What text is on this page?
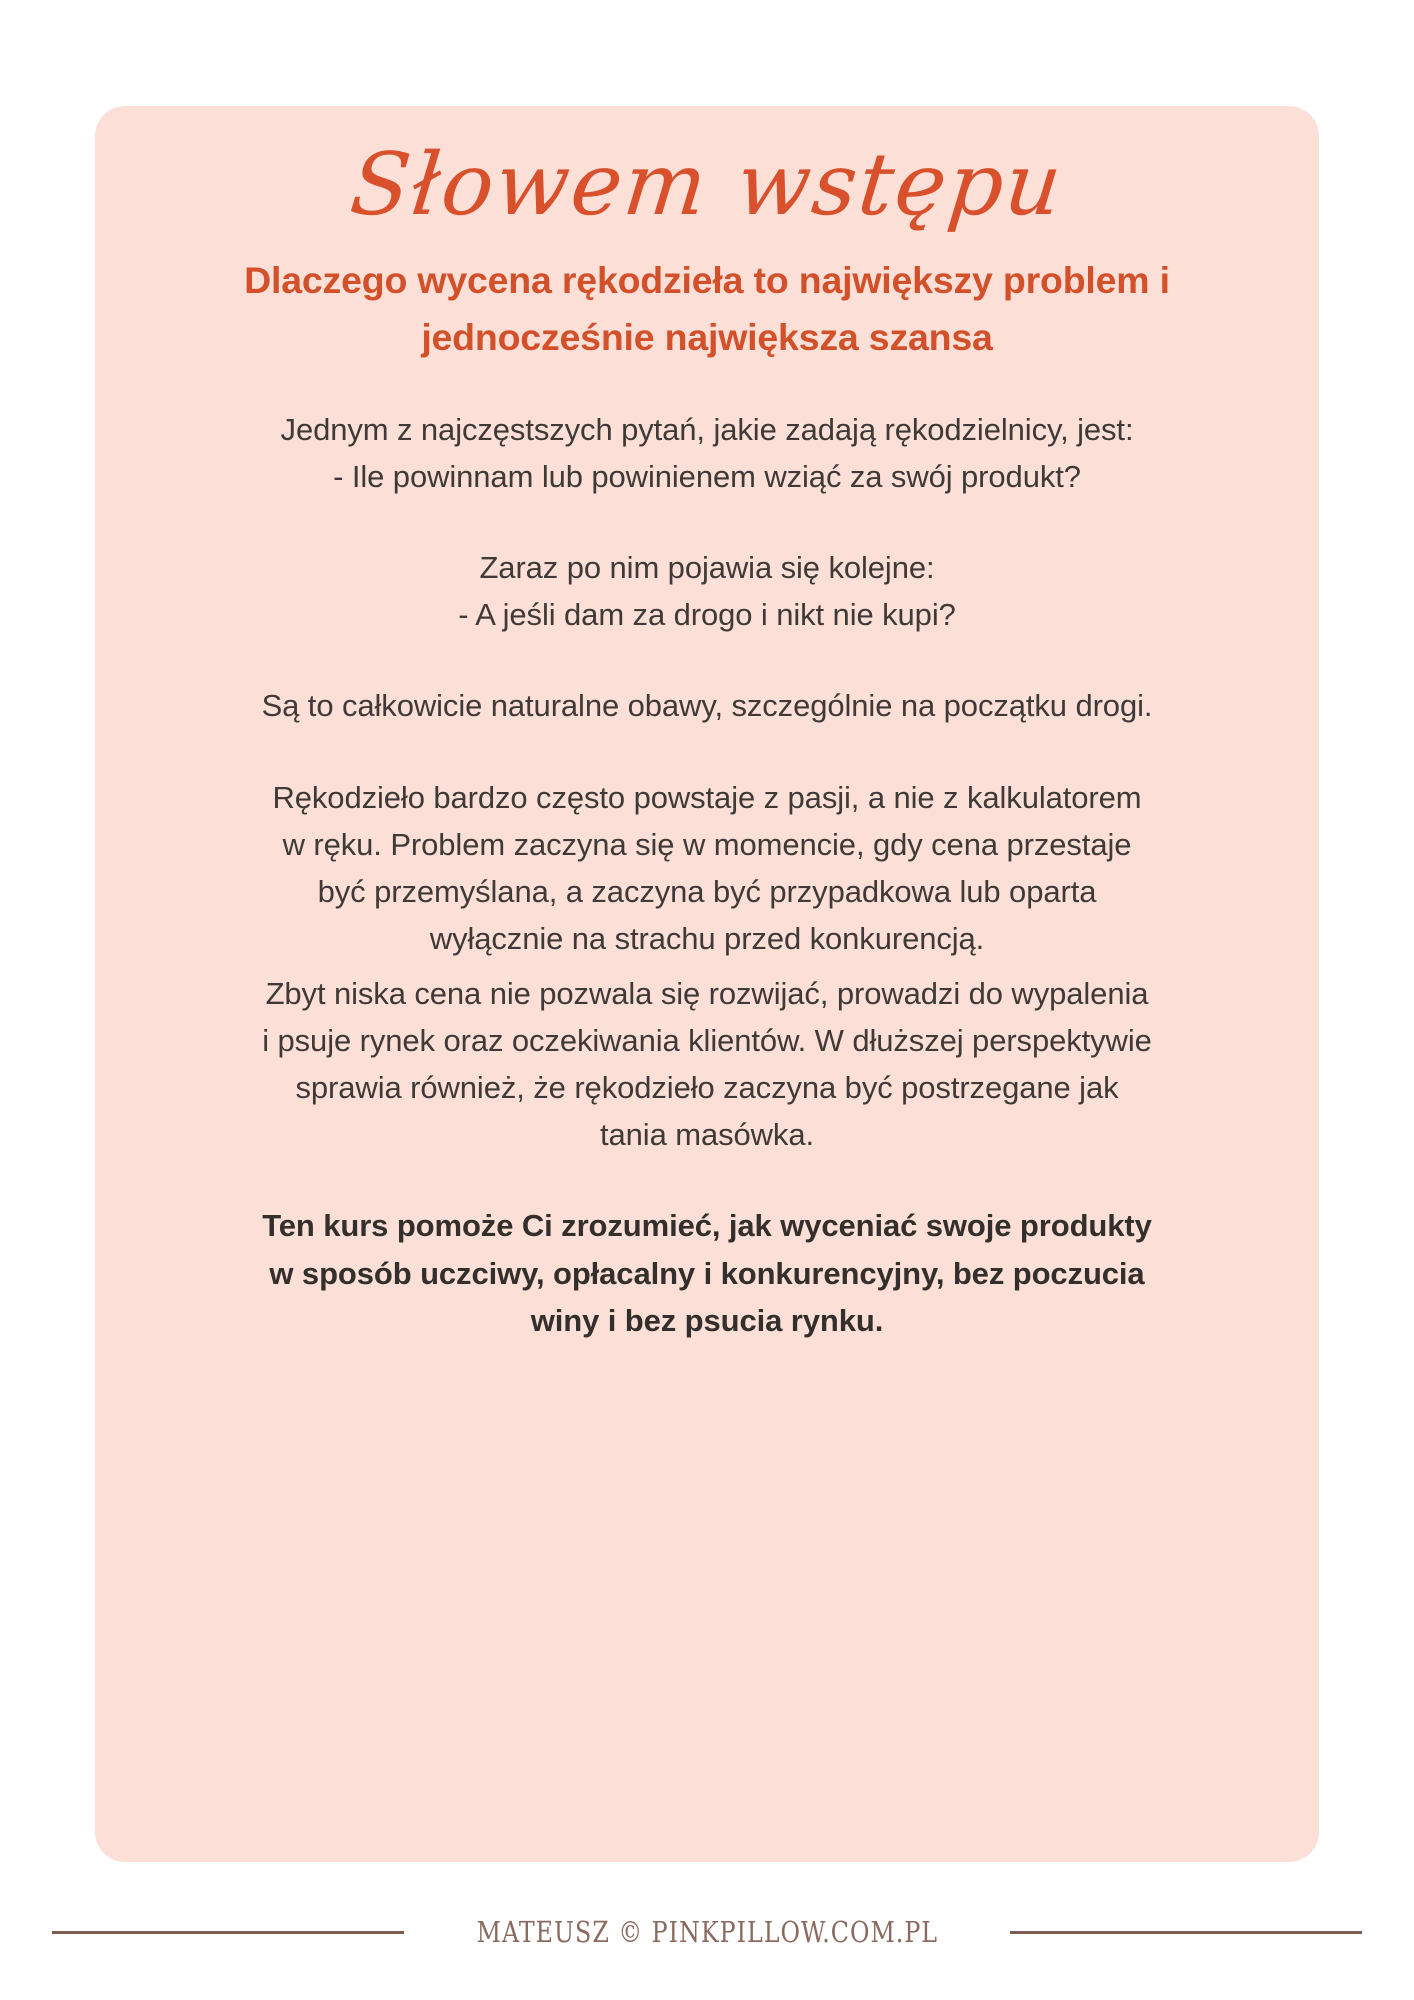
Słowem wstępu
Dlaczego wycena rękodzieła to największy problem i jednocześnie największa szansa

Jednym z najczęstszych pytań, jakie zadają rękodzielnicy, jest:
- Ile powinnam lub powinienem wziąć za swój produkt?

Zaraz po nim pojawia się kolejne:
- A jeśli dam za drogo i nikt nie kupi?

Są to całkowicie naturalne obawy, szczególnie na początku drogi.

Rękodzieło bardzo często powstaje z pasji, a nie z kalkulatorem
w ręku. Problem zaczyna się w momencie, gdy cena przestaje
być przemyślana, a zaczyna być przypadkowa lub oparta
wyłącznie na strachu przed konkurencją.

Zbyt niska cena nie pozwala się rozwijać, prowadzi do wypalenia
i psuje rynek oraz oczekiwania klientów. W dłuższej perspektywie
sprawia również, że rękodzieło zaczyna być postrzegane jak
tania masówka.

Ten kurs pomoże Ci zrozumieć, jak wyceniać swoje produkty
w sposób uczciwy, opłacalny i konkurencyjny, bez poczucia
winy i bez psucia rynku.

MATEUSZ © PINKPILLOW.COM.PL
